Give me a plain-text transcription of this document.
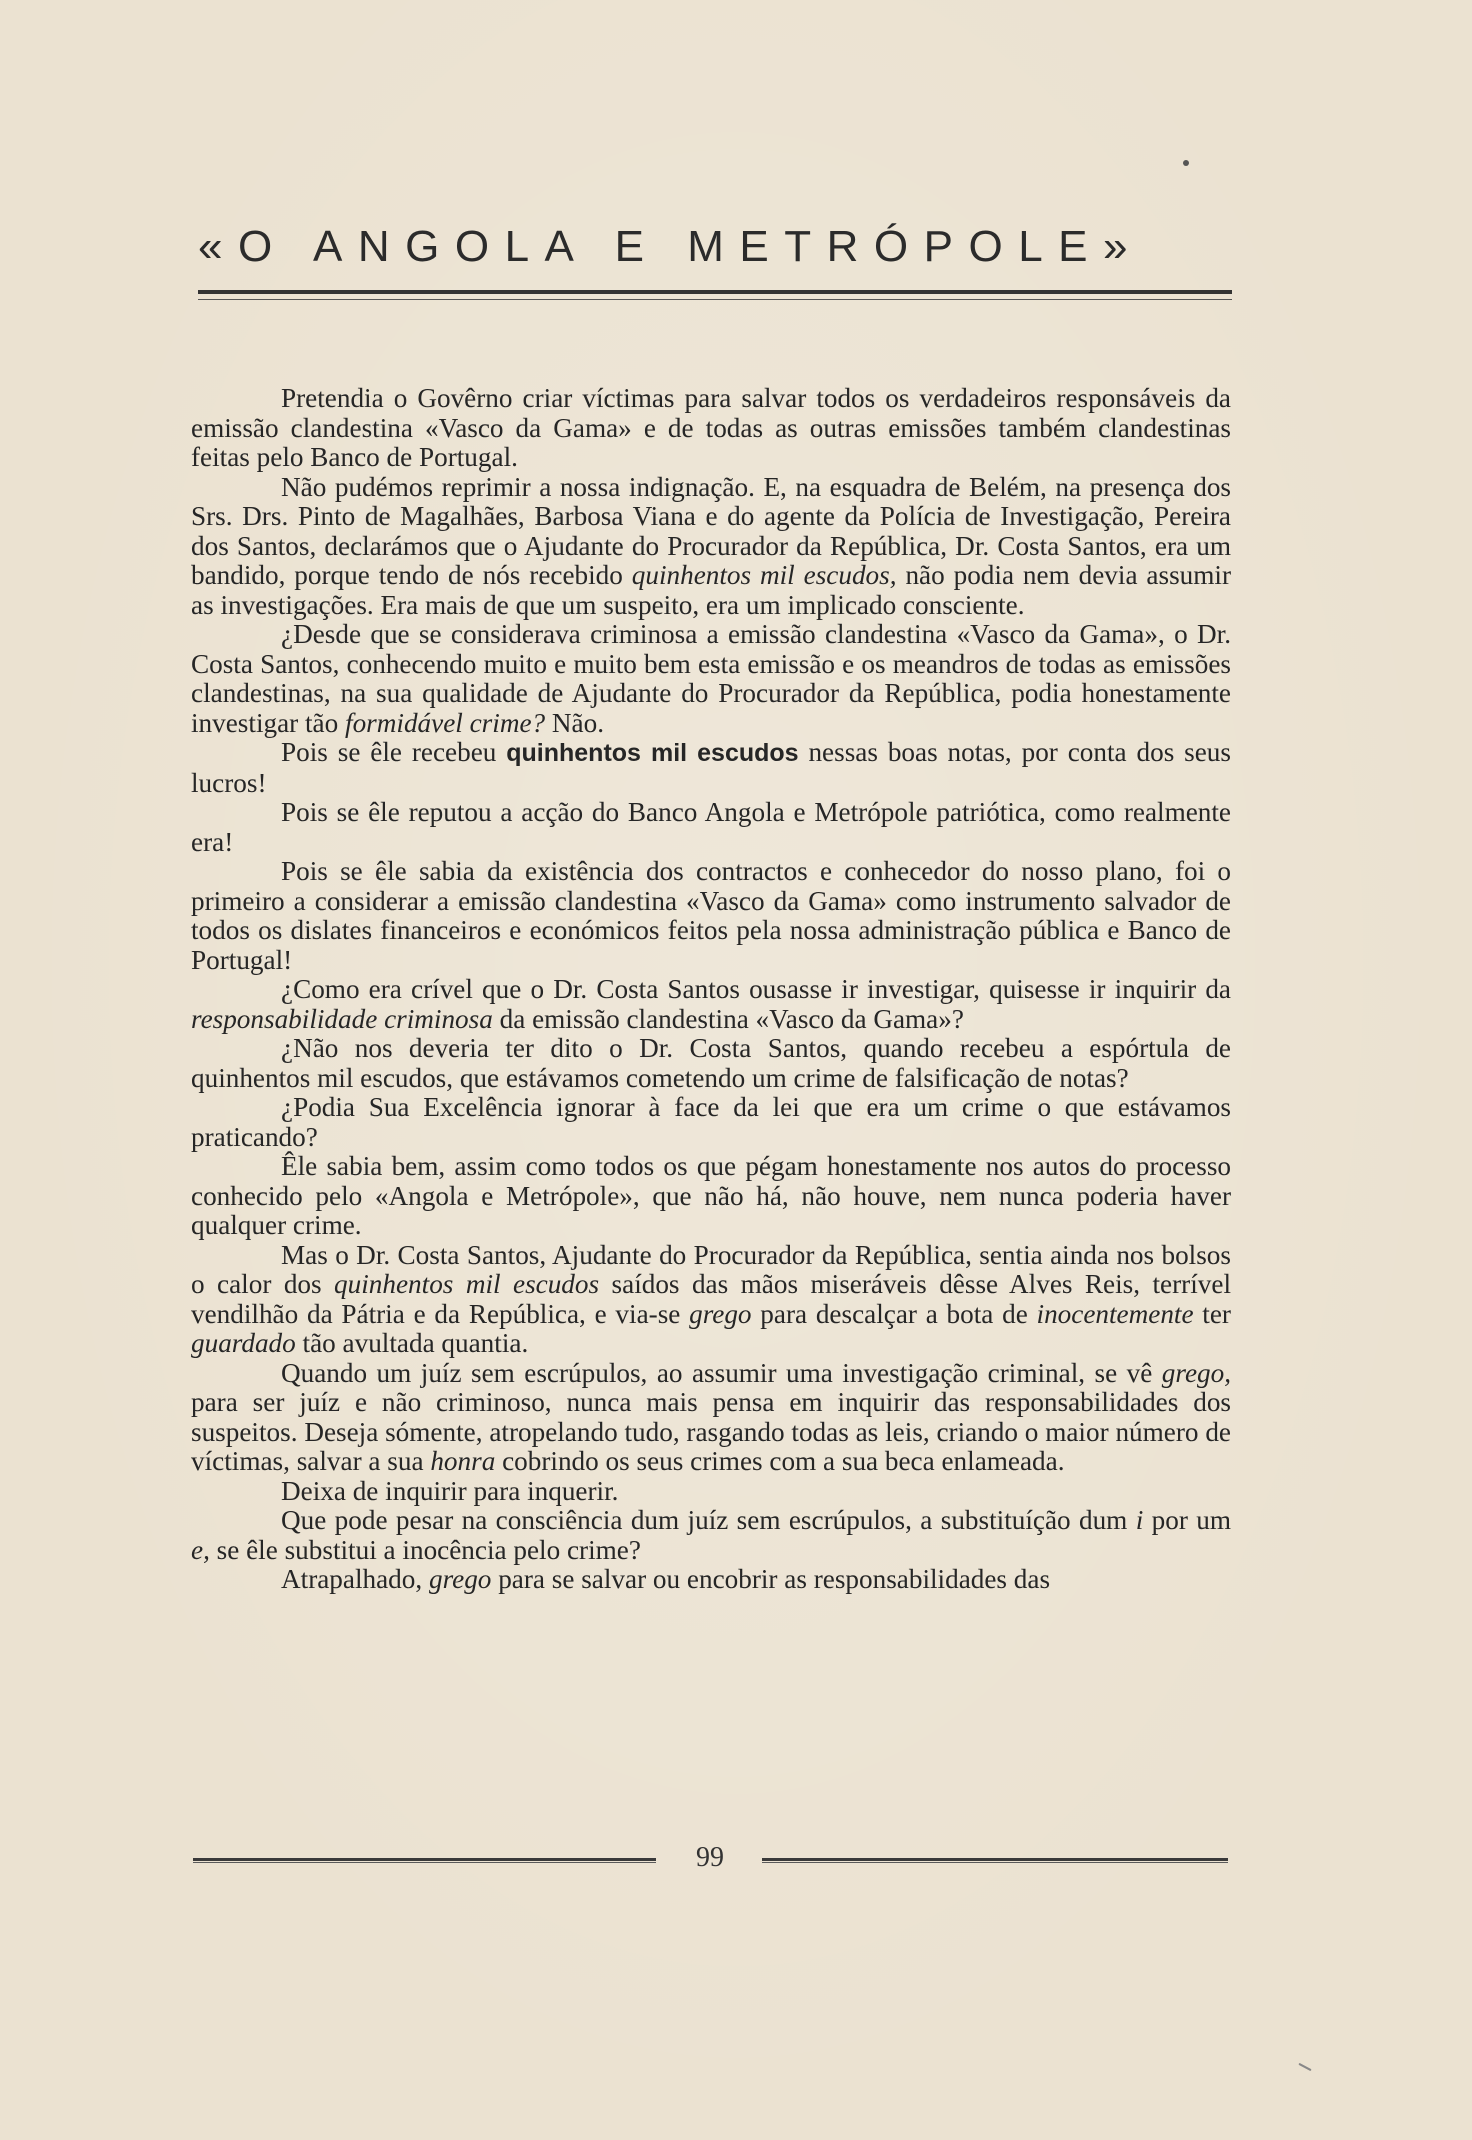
«O ANGOLA E METRÓPOLE»

Pretendia o Govêrno criar víctimas para salvar todos os verdadeiros responsáveis da emissão clandestina «Vasco da Gama» e de todas as outras emissões também clandestinas feitas pelo Banco de Portugal.

Não pudémos reprimir a nossa indignação. E, na esquadra de Belém, na presença dos Srs. Drs. Pinto de Magalhães, Barbosa Viana e do agente da Polícia de Investigação, Pereira dos Santos, declarámos que o Ajudante do Procurador da República, Dr. Costa Santos, era um bandido, porque tendo de nós recebido quinhentos mil escudos, não podia nem devia assumir as investigações. Era mais de que um suspeito, era um implicado consciente.

¿Desde que se considerava criminosa a emissão clandestina «Vasco da Gama», o Dr. Costa Santos, conhecendo muito e muito bem esta emissão e os meandros de todas as emissões clandestinas, na sua qualidade de Ajudante do Procurador da República, podia honestamente investigar tão formidável crime? Não.

Pois se êle recebeu quinhentos mil escudos nessas boas notas, por conta dos seus lucros!

Pois se êle reputou a acção do Banco Angola e Metrópole patriótica, como realmente era!

Pois se êle sabia da existência dos contractos e conhecedor do nosso plano, foi o primeiro a considerar a emissão clandestina «Vasco da Gama» como instrumento salvador de todos os dislates financeiros e económicos feitos pela nossa administração pública e Banco de Portugal!

¿Como era crível que o Dr. Costa Santos ousasse ir investigar, quisesse ir inquirir da responsabilidade criminosa da emissão clandestina «Vasco da Gama»?

¿Não nos deveria ter dito o Dr. Costa Santos, quando recebeu a espórtula de quinhentos mil escudos, que estávamos cometendo um crime de falsificação de notas?

¿Podia Sua Excelência ignorar à face da lei que era um crime o que estávamos praticando?

Êle sabia bem, assim como todos os que pégam honestamente nos autos do processo conhecido pelo «Angola e Metrópole», que não há, não houve, nem nunca poderia haver qualquer crime.

Mas o Dr. Costa Santos, Ajudante do Procurador da República, sentia ainda nos bolsos o calor dos quinhentos mil escudos saídos das mãos miseráveis dêsse Alves Reis, terrível vendilhão da Pátria e da República, e via-se grego para descalçar a bota de inocentemente ter guardado tão avultada quantia.

Quando um juíz sem escrúpulos, ao assumir uma investigação criminal, se vê grego, para ser juíz e não criminoso, nunca mais pensa em inquirir das responsabilidades dos suspeitos. Deseja sómente, atropelando tudo, rasgando todas as leis, criando o maior número de víctimas, salvar a sua honra cobrindo os seus crimes com a sua beca enlameada.

Deixa de inquirir para inquerir.

Que pode pesar na consciência dum juíz sem escrúpulos, a substituíção dum i por um e, se êle substitui a inocência pelo crime?

Atrapalhado, grego para se salvar ou encobrir as responsabilidades das

99
